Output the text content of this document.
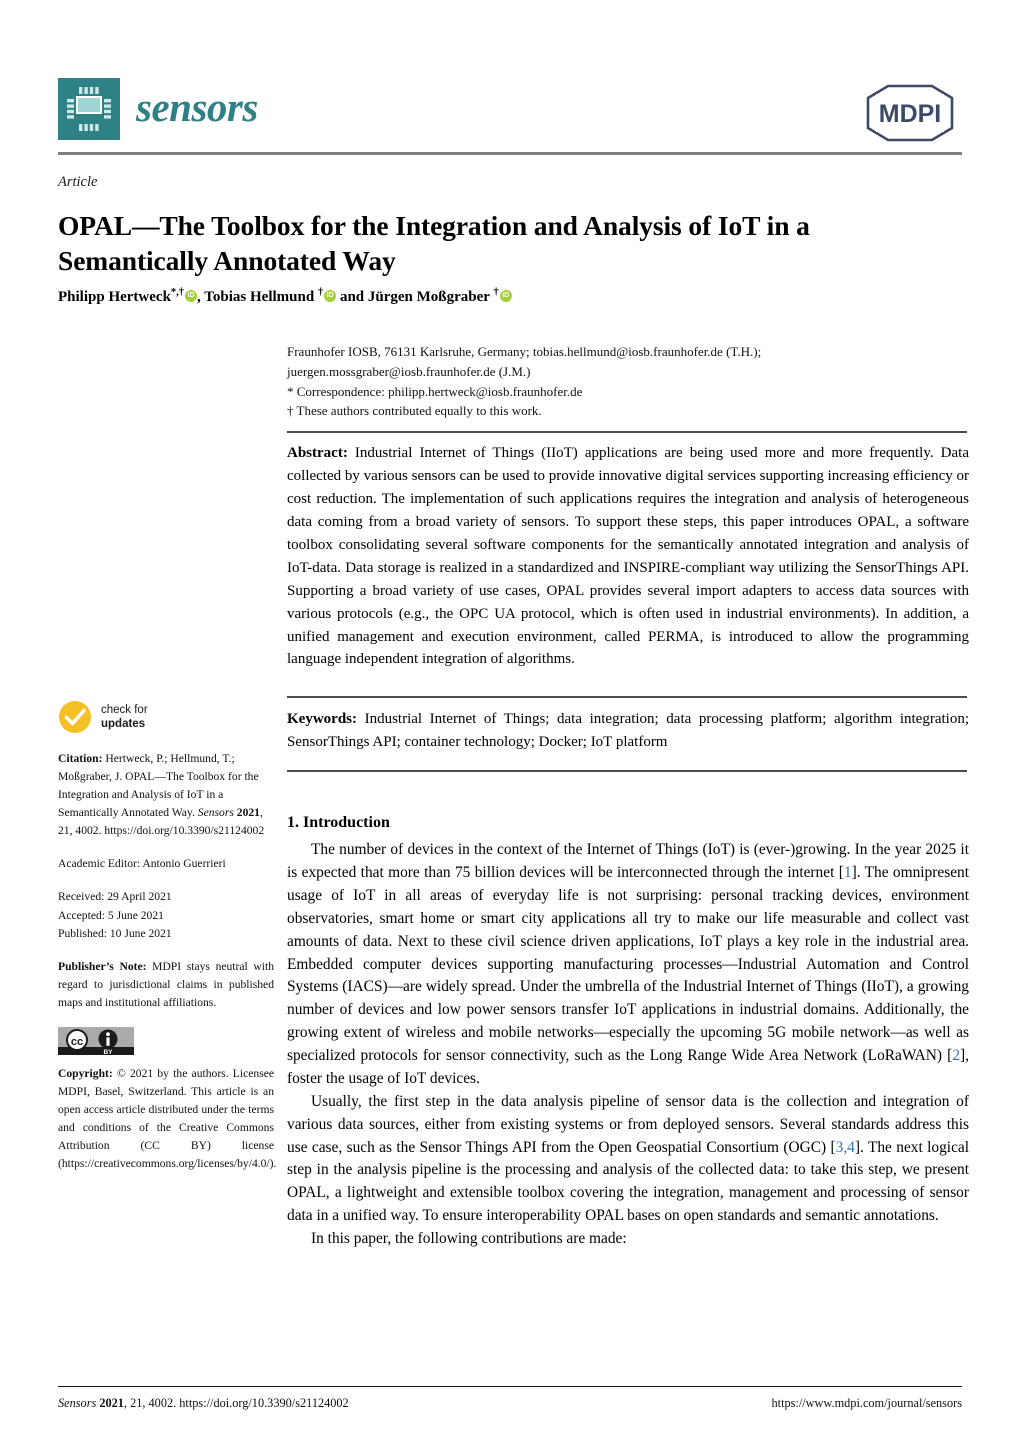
sensors	MDPI
Article
OPAL—The Toolbox for the Integration and Analysis of IoT in a Semantically Annotated Way
Philipp Hertweck*,† iD , Tobias Hellmund †iD and Jürgen Moßgraber †iD
Fraunhofer IOSB, 76131 Karlsruhe, Germany; tobias.hellmund@iosb.fraunhofer.de (T.H.);
juergen.mossgraber@iosb.fraunhofer.de (J.M.)
* Correspondence: philipp.hertweck@iosb.fraunhofer.de
† These authors contributed equally to this work.
Abstract: Industrial Internet of Things (IIoT) applications are being used more and more frequently. Data collected by various sensors can be used to provide innovative digital services supporting increasing efficiency or cost reduction. The implementation of such applications requires the integration and analysis of heterogeneous data coming from a broad variety of sensors. To support these steps, this paper introduces OPAL, a software toolbox consolidating several software components for the semantically annotated integration and analysis of IoT-data. Data storage is realized in a standardized and INSPIRE-compliant way utilizing the SensorThings API. Supporting a broad variety of use cases, OPAL provides several import adapters to access data sources with various protocols (e.g., the OPC UA protocol, which is often used in industrial environments). In addition, a unified management and execution environment, called PERMA, is introduced to allow the programming language independent integration of algorithms.
Keywords: Industrial Internet of Things; data integration; data processing platform; algorithm integration; SensorThings API; container technology; Docker; IoT platform
check for
updates
Citation: Hertweck, P.; Hellmund, T.; Moßgraber, J. OPAL—The Toolbox for the Integration and Analysis of IoT in a Semantically Annotated Way. Sensors 2021, 21, 4002. https://doi.org/10.3390/s21124002
Academic Editor: Antonio Guerrieri
Received: 29 April 2021
Accepted: 5 June 2021
Published: 10 June 2021
Publisher’s Note: MDPI stays neutral with regard to jurisdictional claims in published maps and institutional affiliations.
cc
BY
Copyright: © 2021 by the authors. Licensee MDPI, Basel, Switzerland. This article is an open access article distributed under the terms and conditions of the Creative Commons Attribution (CC BY) license (https://creativecommons.org/licenses/by/4.0/).
1. Introduction

The number of devices in the context of the Internet of Things (IoT) is (ever-)growing. In the year 2025 it is expected that more than 75 billion devices will be interconnected through the internet [1]. The omnipresent usage of IoT in all areas of everyday life is not surprising: personal tracking devices, environment observatories, smart home or smart city applications all try to make our life measurable and collect vast amounts of data. Next to these civil science driven applications, IoT plays a key role in the industrial area. Embedded computer devices supporting manufacturing processes—Industrial Automation and Control Systems (IACS)—are widely spread. Under the umbrella of the Industrial Internet of Things (IIoT), a growing number of devices and low power sensors transfer IoT applications in industrial domains. Additionally, the growing extent of wireless and mobile networks—especially the upcoming 5G mobile network—as well as specialized protocols for sensor connectivity, such as the Long Range Wide Area Network (LoRaWAN) [2], foster the usage of IoT devices.

Usually, the first step in the data analysis pipeline of sensor data is the collection and integration of various data sources, either from existing systems or from deployed sensors. Several standards address this use case, such as the Sensor Things API from the Open Geospatial Consortium (OGC) [3,4]. The next logical step in the analysis pipeline is the processing and analysis of the collected data: to take this step, we present OPAL, a lightweight and extensible toolbox covering the integration, management and processing of sensor data in a unified way. To ensure interoperability OPAL bases on open standards and semantic annotations.

In this paper, the following contributions are made:

Sensors 2021, 21, 4002. https://doi.org/10.3390/s21124002	https://www.mdpi.com/journal/sensors
